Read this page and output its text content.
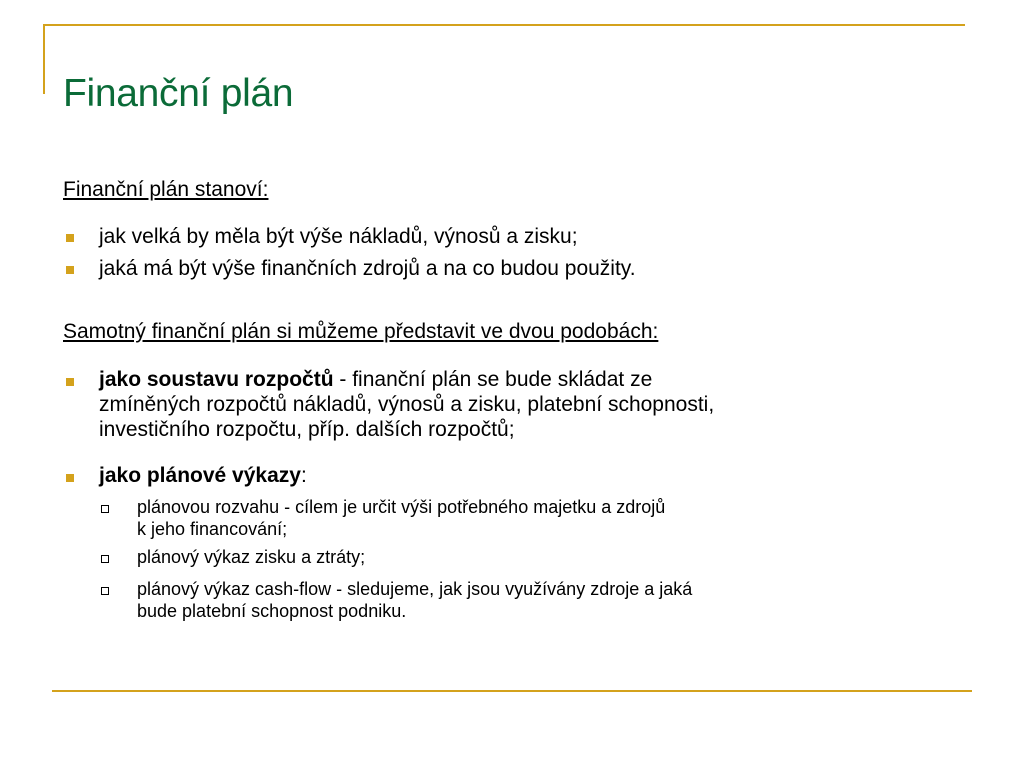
Finanční plán
Finanční plán stanoví:
jak velká by měla být výše nákladů, výnosů a zisku;
jaká má být výše finančních zdrojů a na co budou použity.
Samotný finanční plán si můžeme představit ve dvou podobách:
jako soustavu rozpočtů - finanční plán se bude skládat ze
zmíněných rozpočtů nákladů, výnosů a zisku, platební schopnosti,
investičního rozpočtu, příp. dalších rozpočtů;
jako plánové výkazy:
plánovou rozvahu - cílem je určit výši potřebného majetku a zdrojů
k jeho financování;
plánový výkaz zisku a ztráty;
plánový výkaz cash-flow - sledujeme, jak jsou využívány zdroje a jaká
bude platební schopnost podniku.
